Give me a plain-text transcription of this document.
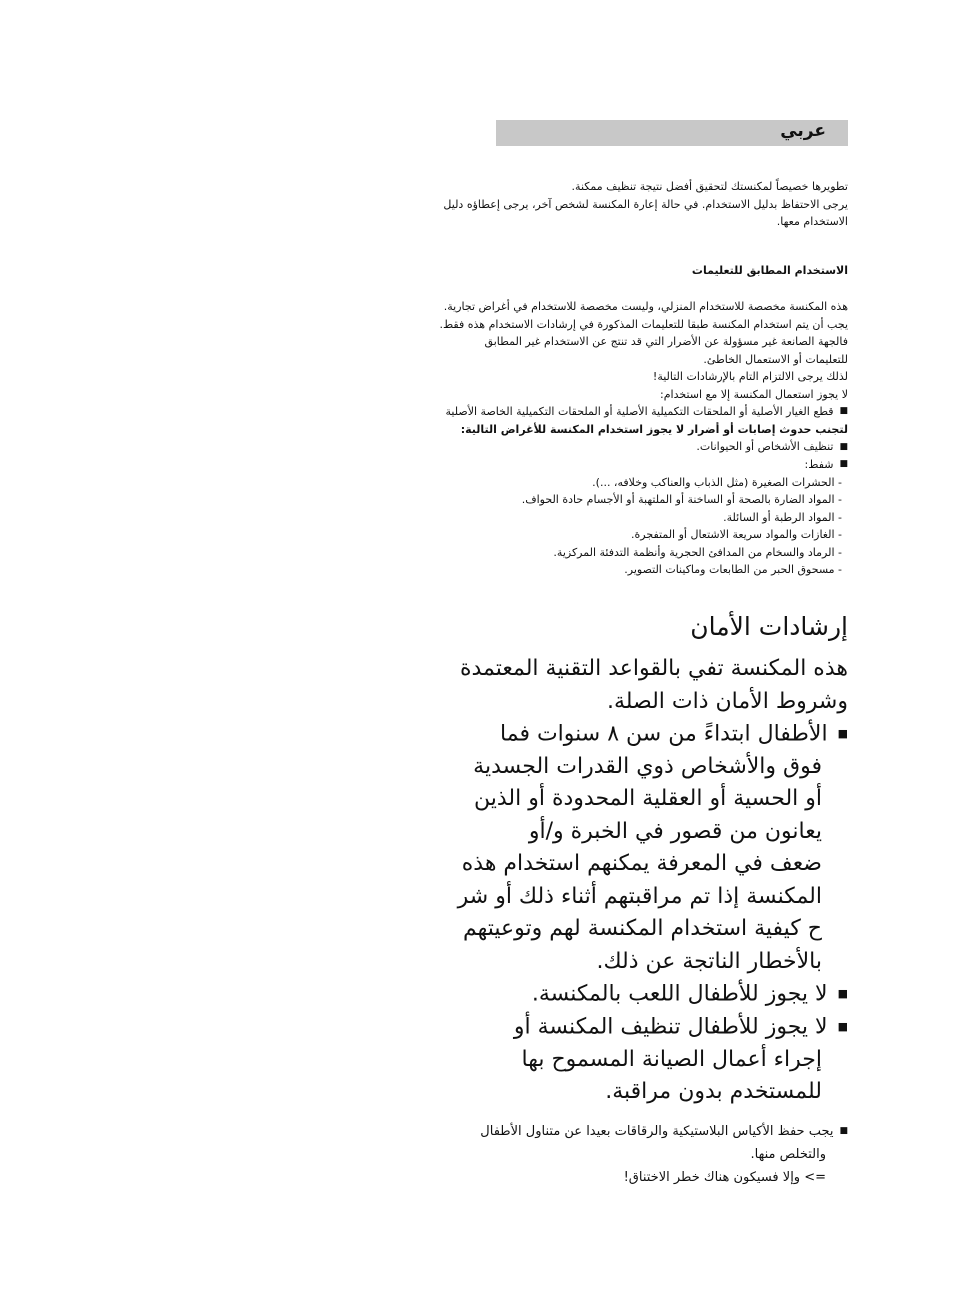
عربي
تطويرها خصيصاً لمكنستك لتحقيق أفضل نتيجة تنظيف ممكنة.
يرجى الاحتفاظ بدليل الاستخدام. في حالة إعارة المكنسة لشخص آخر، يرجى إعطاؤه دليل
الاستخدام معها.
الاستخدام المطابق للتعليمات
هذه المكنسة مخصصة للاستخدام المنزلي، وليست مخصصة للاستخدام في أغراض تجارية.
يجب أن يتم استخدام المكنسة طبقا للتعليمات المذكورة في إرشادات الاستخدام هذه فقط.
فالجهة الصانعة غير مسؤولة عن الأضرار التي قد تنتج عن الاستخدام غير المطابق
للتعليمات أو الاستعمال الخاطئ.
لذلك يرجى الالتزام التام بالإرشادات التالية!
لا يجوز استعمال المكنسة إلا مع استخدام:
■ قطع الغيار الأصلية أو الملحقات التكميلية الأصلية أو الملحقات التكميلية الخاصة الأصلية
لتجنب حدوث إصابات أو أضرار لا يجوز استخدام المكنسة للأغراض التالية:
■ تنظيف الأشخاص أو الحيوانات.
■ شفط:
- الحشرات الصغيرة (مثل الذباب والعناكب وخلافه، ...).
- المواد الضارة بالصحة أو الساخنة أو الملتهبة أو الأجسام حادة الحواف.
- المواد الرطبة أو السائلة.
- الغازات والمواد سريعة الاشتعال أو المتفجرة.
- الرماد والسخام من المدافئ الحجرية وأنظمة التدفئة المركزية.
- مسحوق الحبر من الطابعات وماكينات التصوير.
إرشادات الأمان
هذه المكنسة تفي بالقواعد التقنية المعتمدة
وشروط الأمان ذات الصلة.
■ الأطفال ابتداءً من سن ٨ سنوات فما
فوق والأشخاص ذوي القدرات الجسدية
أو الحسية أو العقلية المحدودة أو الذين
يعانون من قصور في الخبرة و/أو
ضعف في المعرفة يمكنهم استخدام هذه
المكنسة إذا تم مراقبتهم أثناء ذلك أو شر
ح كيفية استخدام المكنسة لهم وتوعيتهم
بالأخطار الناتجة عن ذلك.
■ لا يجوز للأطفال اللعب بالمكنسة.
■ لا يجوز للأطفال تنظيف المكنسة أو
إجراء أعمال الصيانة المسموح بها
للمستخدم بدون مراقبة.
■ يجب حفظ الأكياس البلاستيكية والرقاقات بعيدا عن متناول الأطفال
والتخلص منها.
=> وإلا فسيكون هناك خطر الاختناق!
